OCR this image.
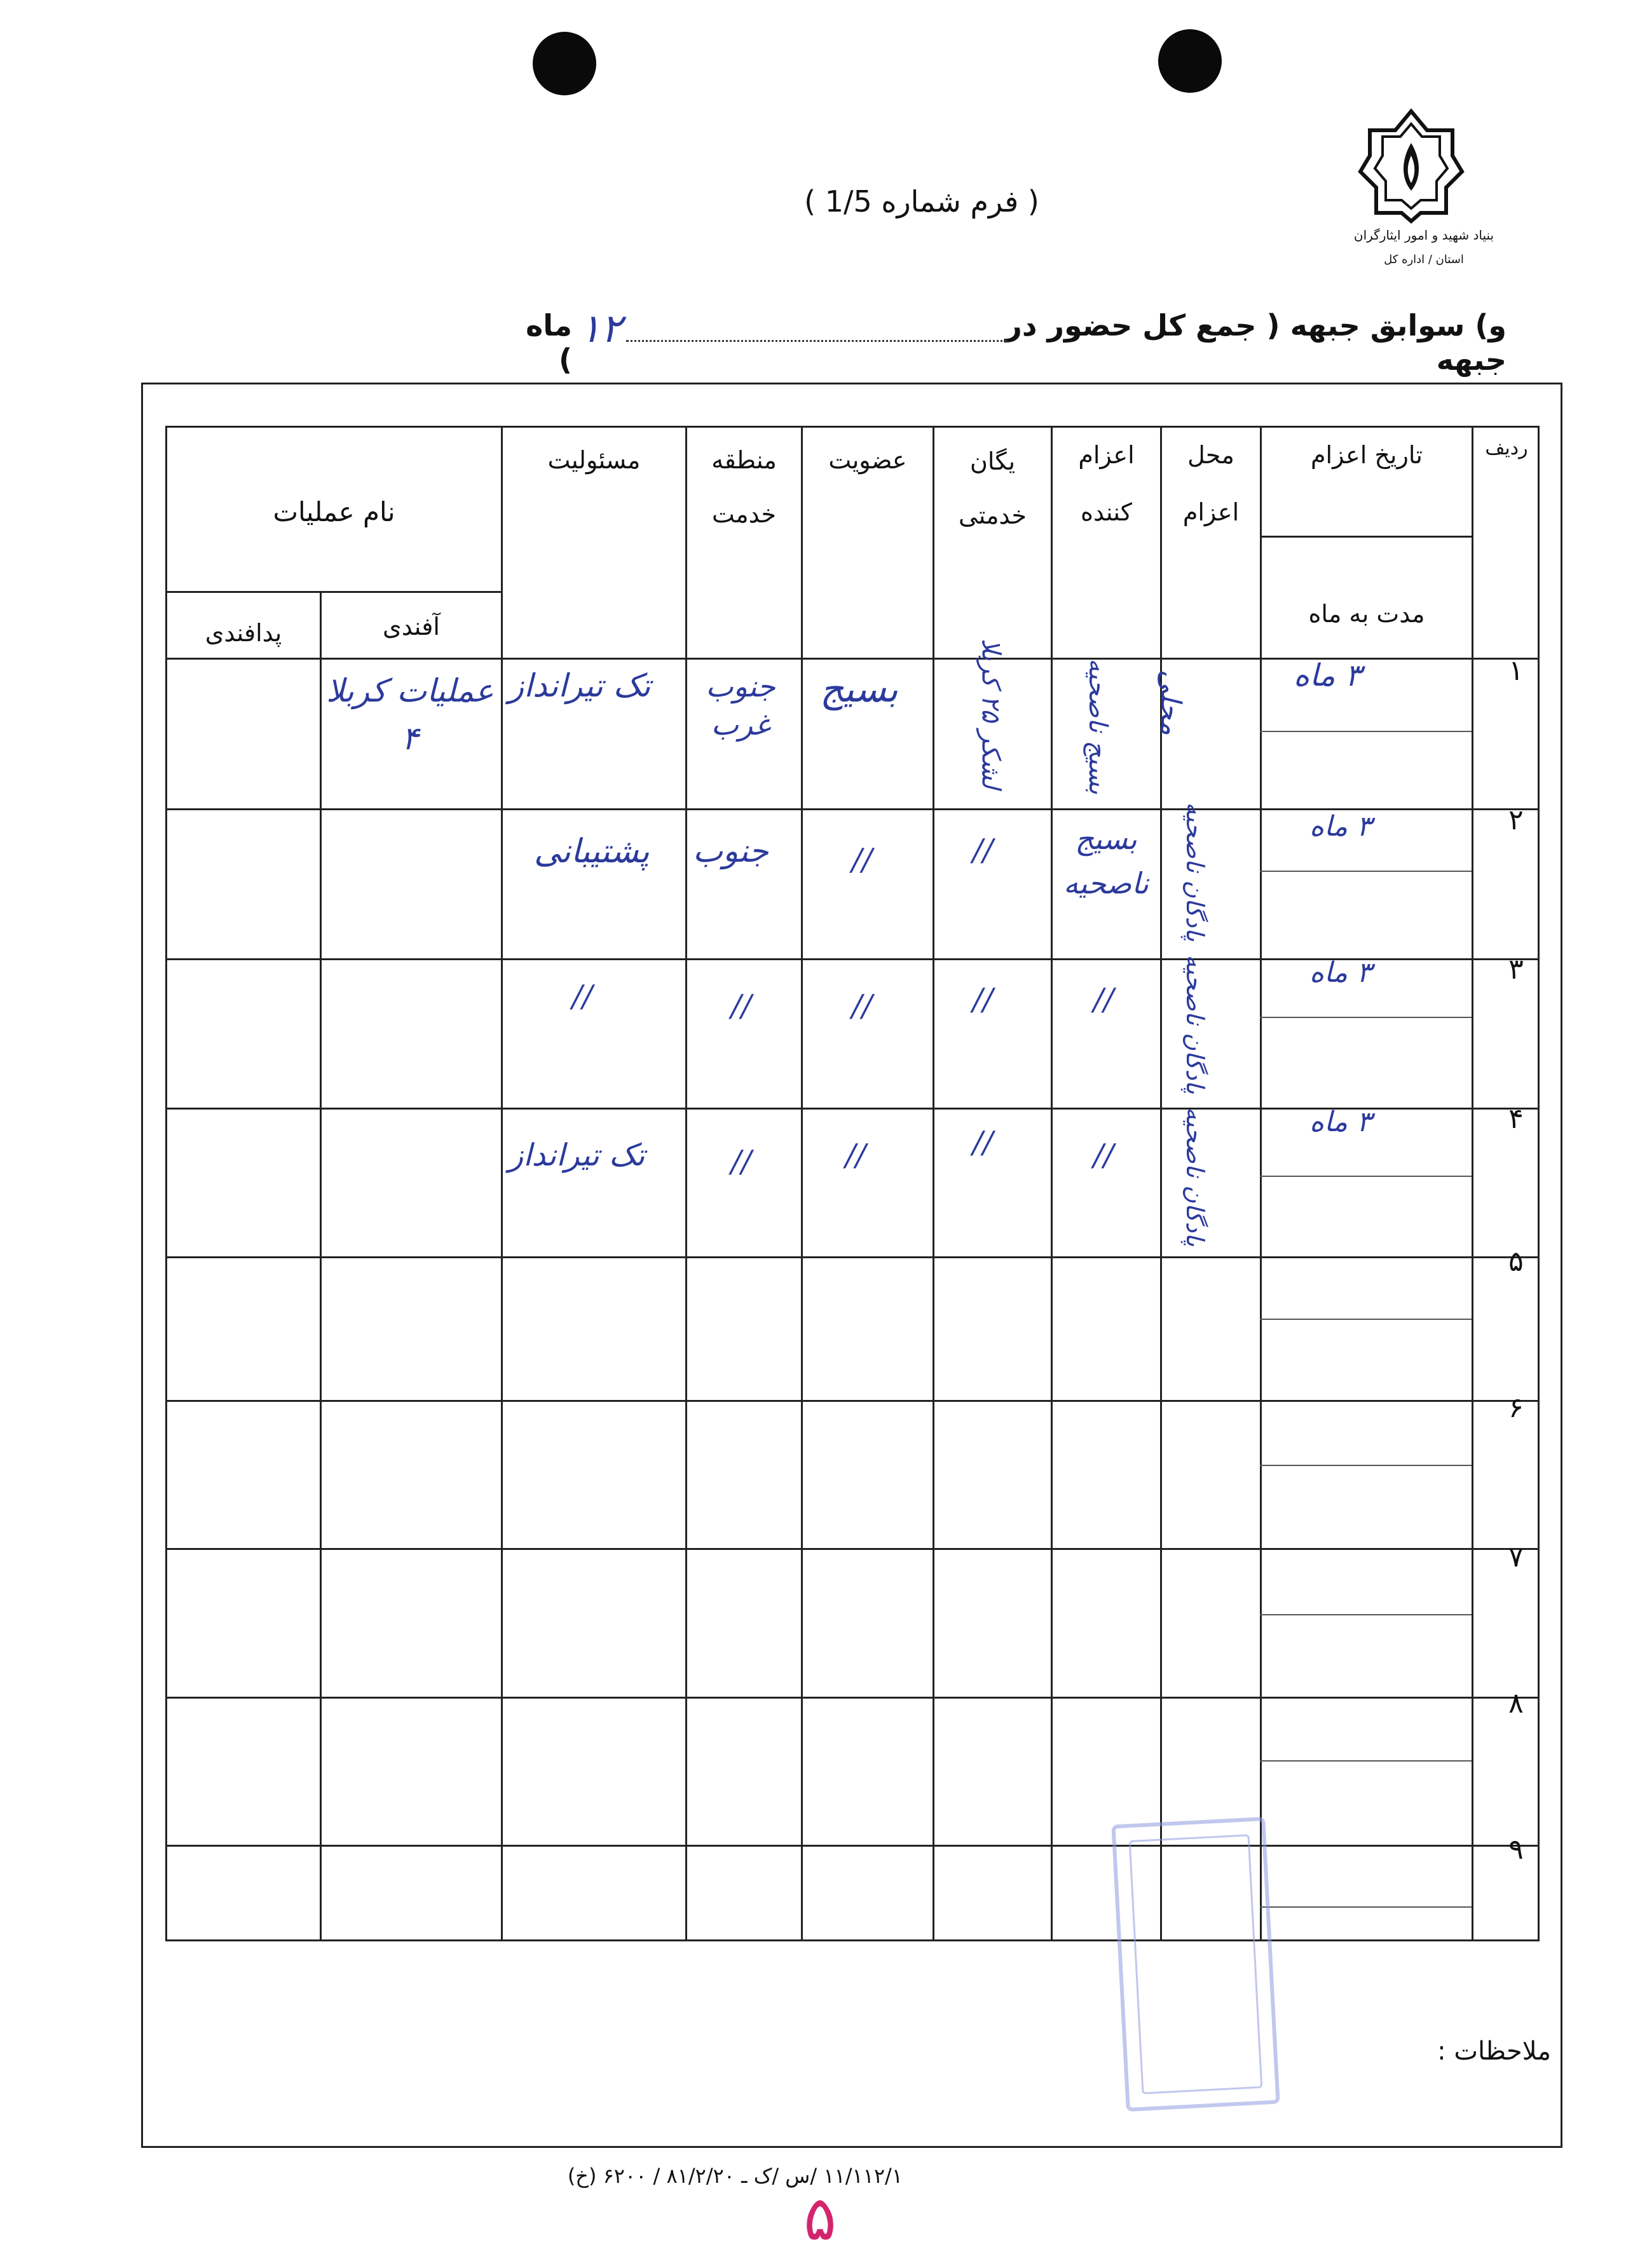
بنیاد شهید و امور ایثارگران
استان / اداره کل
( فرم شماره 1/5 )
و) سوابق جبهه ( جمع کل حضور در جبهه
۱۲
ماه )
ردیف
تاریخ اعزام
مدت به ماه
محل
اعزام
اعزام
کننده
یگان
خدمتی
عضویت
منطقه
خدمت
مسئولیت
نام عملیات
آفندی
پدافندی
۱
۲
۳
۴
۵
۶
۷
۸
۹
۳ ماه
محلی
بسیج ناصحیه
لشکر ۲۵ کربلا
بسیج
جنوب غرب
تک تیرانداز
عملیات کربلا ۴
۳ ماه
پادگان ناصحیه
بسیج ناصحیه
//
//
جنوب
پشتیبانی
۳ ماه
پادگان ناصحیه
//
//
//
//
//
۳ ماه
پادگان ناصحیه
//
//
//
//
تک تیرانداز
ملاحظات :
۱۱/۱۱۲/۱ /س /ک ـ ۸۱/۲/۲۰ / ۶۲۰۰ (خ)
۵
